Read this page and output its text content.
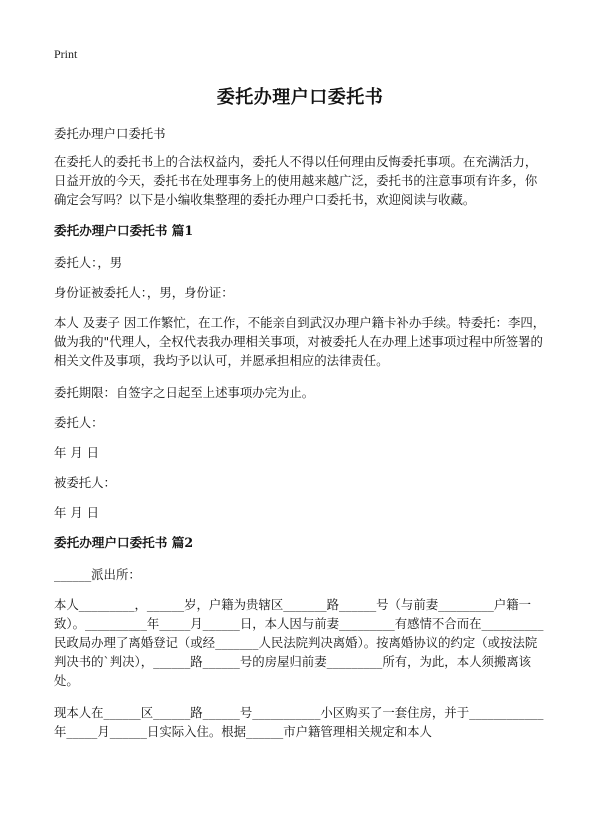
Print
委托办理户口委托书

委托办理户口委托书

在委托人的委托书上的合法权益内，委托人不得以任何理由反悔委托事项。在充满活力，日益开放的今天，委托书在处理事务上的使用越来越广泛，委托书的注意事项有许多，你确定会写吗？以下是小编收集整理的委托办理户口委托书，欢迎阅读与收藏。

委托办理户口委托书 篇1

委托人：，男

身份证被委托人：，男，身份证：

本人 及妻子 因工作繁忙，在工作，不能亲自到武汉办理户籍卡补办手续。特委托：李四，做为我的"代理人，全权代表我办理相关事项，对被委托人在办理上述事项过程中所签署的相关文件及事项，我均予以认可，并愿承担相应的法律责任。

委托期限：自签字之日起至上述事项办完为止。

委托人：

年 月 日

被委托人：

年 月 日

委托办理户口委托书 篇2

______派出所：

本人_________，______岁，户籍为贵辖区_______路______号（与前妻_________户籍一致）。__________年_____月______日，本人因与前妻_________有感情不合而在__________民政局办理了离婚登记（或经_______人民法院判决离婚）。按离婚协议的约定（或按法院判决书的`判决），______路______号的房屋归前妻_________所有，为此，本人须搬离该处。

现本人在______区______路______号___________小区购买了一套住房，并于____________年_____月______日实际入住。根据______市户籍管理相关规定和本人
